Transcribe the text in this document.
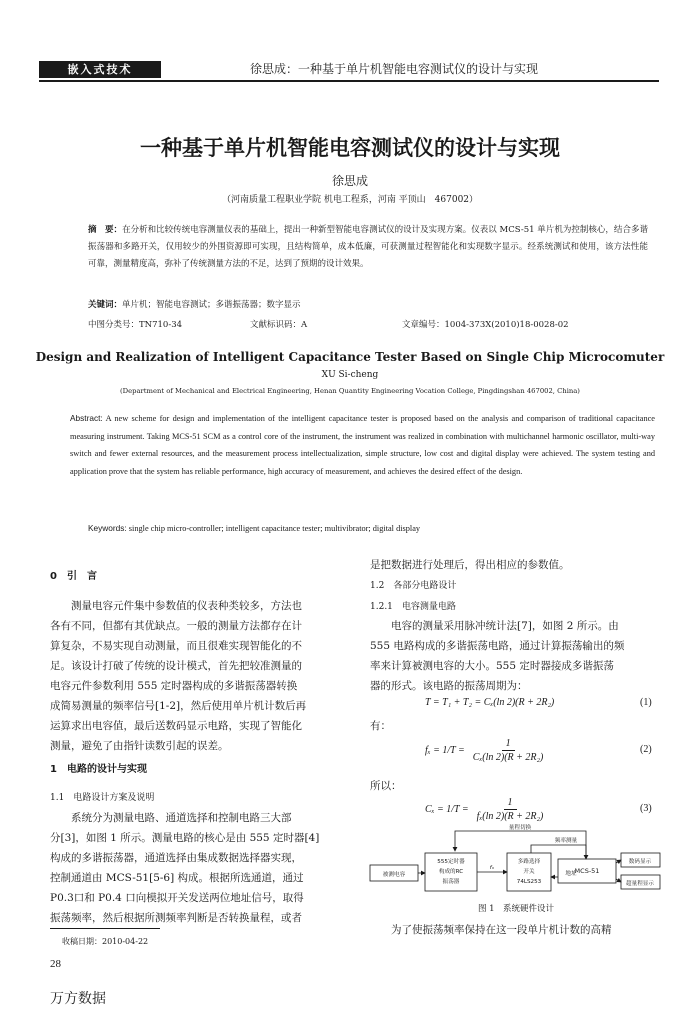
嵌入式技术	徐思成：一种基于单片机智能电容测试仪的设计与实现
一种基于单片机智能电容测试仪的设计与实现
徐思成
（河南质量工程职业学院 机电工程系，河南 平顶山　467002）
摘　要：在分析和比较传统电容测量仪表的基础上，提出一种新型智能电容测试仪的设计及实现方案。仪表以 MCS-51 单片机为控制核心，结合多谐振荡器和多路开关，仅用较少的外围资源即可实现，且结构简单，成本低廉，可获测量过程智能化和实现数字显示。经系统测试和使用，该方法性能可靠，测量精度高，弥补了传统测量方法的不足，达到了预期的设计效果。
关键词：单片机；智能电容测试；多谐振荡器；数字显示
中图分类号：TN710-34	文献标识码：A	文章编号：1004-373X(2010)18-0028-02
Design and Realization of Intelligent Capacitance Tester Based on Single Chip Microcomuter
XU Si-cheng
(Department of Mechanical and Electrical Engineering, Henan Quantity Engineering Vocation College, Pingdingshan 467002, China)
Abstract: A new scheme for design and implementation of the intelligent capacitance tester is proposed based on the analysis and comparison of traditional capacitance measuring instrument. Taking MCS-51 SCM as a control core of the instrument, the instrument was realized in combination with multichannel harmonic oscillator, multi-way switch and fewer external resources, and the measurement process intellectualization, simple structure, low cost and digital display were achieved. The system testing and application prove that the system has reliable performance, high accuracy of measurement, and achieves the desired effect of the design.
Keywords: single chip micro-controller; intelligent capacitance tester; multivibrator; digital display
0　引　言
测量电容元件集中参数值的仪表种类较多，方法也
各有不同，但都有其优缺点。一般的测量方法都存在计
算复杂，不易实现自动测量，而且很难实现智能化的不
足。该设计打破了传统的设计模式，首先把较准测量的
电容元件参数利用 555 定时器构成的多谐振荡器转换
成简易测量的频率信号[1-2]，然后使用单片机计数后再
运算求出电容值，最后送数码显示电路，实现了智能化
测量，避免了由指针读数引起的误差。
1　电路的设计与实现
1.1　电路设计方案及说明
系统分为测量电路、通道选择和控制电路三大部
分[3]，如图 1 所示。测量电路的核心是由 555 定时器[4]
构成的多谐振荡器，通道选择由集成数据选择器实现，
控制通道由 MCS-51[5-6] 构成。根据所选通道，通过
P0.3口和 P0.4 口向模拟开关发送两位地址信号，取得
振荡频率，然后根据所测频率判断是否转换量程，或者
是把数据进行处理后，得出相应的参数值。
1.2　各部分电路设计
1.2.1　电容测量电路
电容的测量采用脉冲统计法[7]，如图 2 所示。由
555 电路构成的多谐振荡电路，通过计算振荡输出的频
率来计算被测电容的大小。555 定时器接成多谐振荡
器的形式。该电路的振荡周期为：
T = T₁ + T₂ = Cₓ(ln 2)(R + 2R₂)	(1)
有：
$f_x = 1/T = \frac{1}{\text{Cₓ(ln 2)(R + 2R₂)}}$	(2)
所以：
$C_x = 1/T = \frac{1}{\text{fₓ(ln 2)(R + 2R₂)}}$	(3)
量程切换
被测电容
555定时器
构成的RC
振荡器
fₓ
多路选择
开关
74LS253
频率测量
地址
MCS-51
数码显示
超量程显示
图 1　系统硬件设计
为了使振荡频率保持在这一段单片机计数的高精
收稿日期：2010-04-22
28
万方数据
